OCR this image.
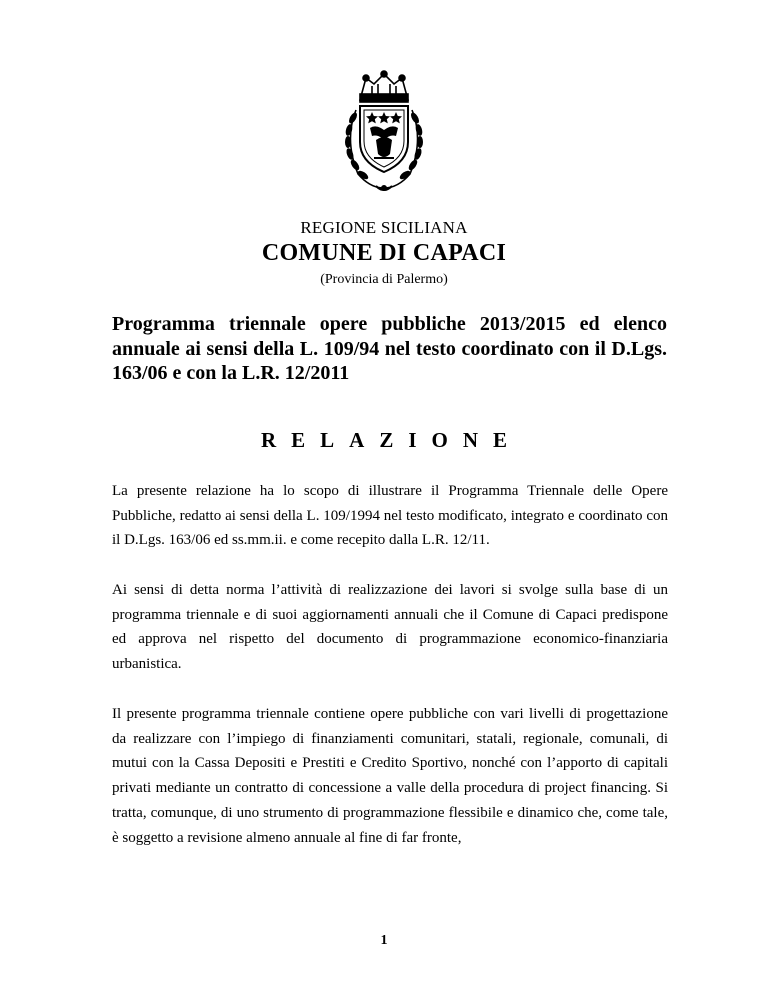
REGIONE SICILIANA
COMUNE DI CAPACI
(Provincia di Palermo)

Programma triennale opere pubbliche 2013/2015 ed elenco annuale ai sensi della L. 109/94 nel testo coordinato con il D.Lgs. 163/06 e con la L.R. 12/2011

RELAZIONE

La presente relazione ha lo scopo di illustrare il Programma Triennale delle Opere Pubbliche, redatto ai sensi della L. 109/1994 nel testo modificato, integrato e coordinato con il D.Lgs. 163/06 ed ss.mm.ii. e come recepito dalla L.R. 12/11.

Ai sensi di detta norma l’attività di realizzazione dei lavori si svolge sulla base di un programma triennale e di suoi aggiornamenti annuali che il Comune di Capaci predispone ed approva nel rispetto del documento di programmazione economico-finanziaria urbanistica.

Il presente programma triennale contiene opere pubbliche con vari livelli di progettazione da realizzare con l’impiego di finanziamenti comunitari, statali, regionale, comunali, di mutui con la Cassa Depositi e Prestiti e Credito Sportivo, nonché con l’apporto di capitali privati mediante un contratto di concessione a valle della procedura di project financing. Si tratta, comunque, di uno strumento di programmazione flessibile e dinamico che, come tale, è soggetto a revisione almeno annuale al fine di far fronte,

1
